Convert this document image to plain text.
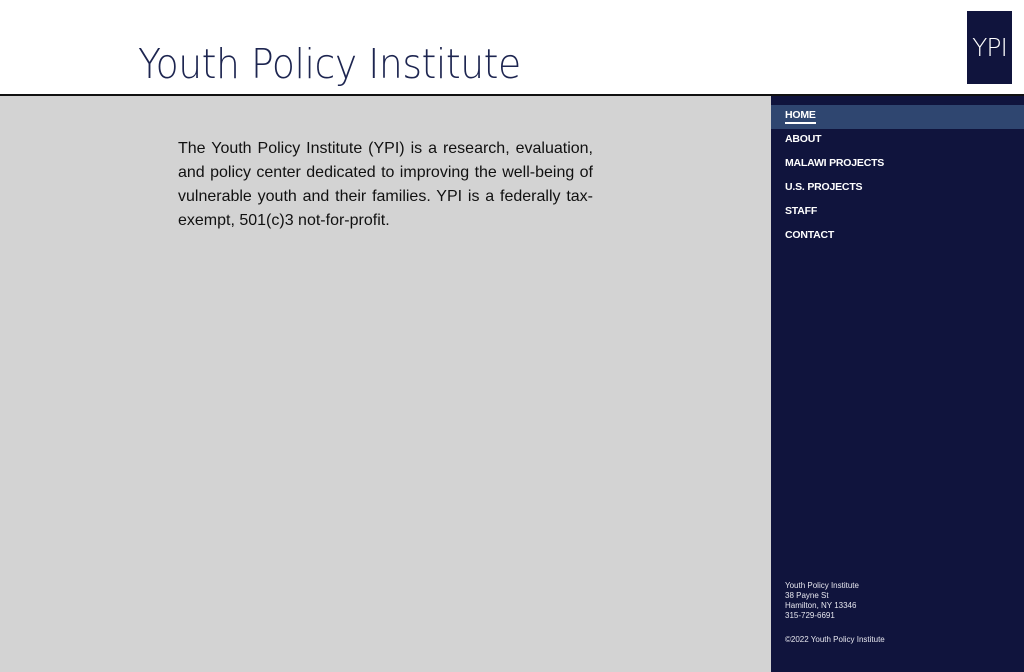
Youth Policy Institute	YPI
The Youth Policy Institute (YPI) is a research, evaluation, and policy center dedicated to improving the well-being of vulnerable youth and their families. YPI is a federally tax-exempt, 501(c)3 not-for-profit.
HOME
ABOUT
MALAWI PROJECTS
U.S. PROJECTS
STAFF
CONTACT
Youth Policy Institute
38 Payne St
Hamilton, NY 13346
315-729-6691
©2022 Youth Policy Institute
